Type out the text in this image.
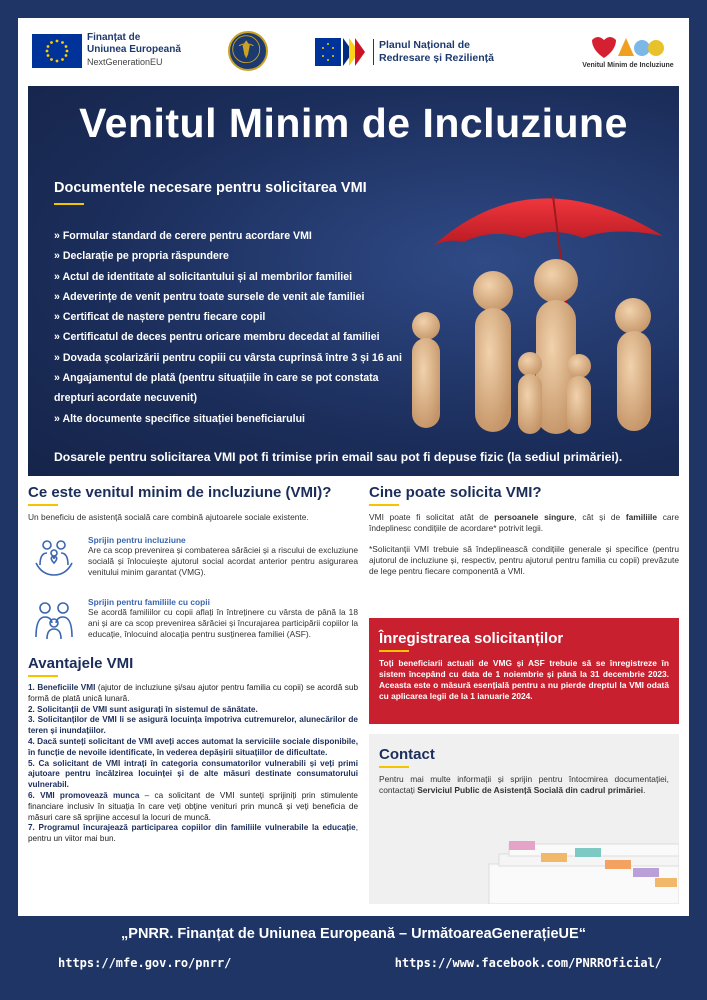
Finanțat de
Uniunea Europeană
NextGenerationEU
Planul Național de
Redresare și Reziliență
Venitul Minim de Incluziune
Venitul Minim de Incluziune
Documentele necesare pentru solicitarea VMI
» Formular standard de cerere pentru acordare VMI
» Declarație pe propria răspundere
» Actul de identitate al solicitantului și al membrilor familiei
» Adeverințe de venit pentru toate sursele de venit ale familiei
» Certificat de naștere pentru fiecare copil
» Certificatul de deces pentru oricare membru decedat al familiei
» Dovada școlarizării pentru copiii cu vârsta cuprinsă între 3 și 16 ani
» Angajamentul de plată (pentru situațiile în care se pot constata
drepturi acordate necuvenit)
» Alte documente specifice situației beneficiarului
Dosarele pentru solicitarea VMI pot fi trimise prin email sau pot fi depuse fizic (la sediul primăriei).
Ce este venitul minim de incluziune (VMI)?
Un beneficiu de asistență socială care combină ajutoarele sociale existente.
Sprijin pentru incluziune
Are ca scop prevenirea și combaterea sărăciei și a riscului de excluziune socială și înlocuiește ajutorul social acordat anterior pentru asigurarea venitului minim garantat (VMG).
Sprijin pentru familiile cu copii
Se acordă familiilor cu copii aflați în întreținere cu vârsta de până la 18 ani și are ca scop prevenirea sărăciei și încurajarea participării copiilor la educație, înlocuind alocația pentru susținerea familiei (ASF).
Avantajele VMI
1. Beneficiile VMI (ajutor de incluziune și/sau ajutor pentru familia cu copii) se acordă sub formă de plată unică lunară.
2. Solicitanții de VMI sunt asigurați în sistemul de sănătate.
3. Solicitanților de VMI li se asigură locuința împotriva cutremurelor, alunecărilor de teren și inundațiilor.
4. Dacă sunteți solicitant de VMI aveți acces automat la serviciile sociale disponibile, în funcție de nevoile identificate, în vederea depășirii situațiilor de dificultate.
5. Ca solicitant de VMI intrați în categoria consumatorilor vulnerabili și veți primi ajutoare pentru încălzirea locuinței și de alte măsuri destinate consumatorului vulnerabil.
6. VMI promovează munca – ca solicitant de VMI sunteți sprijiniți prin stimulente financiare inclusiv în situația în care veți obține venituri prin muncă și veți beneficia de măsuri care să sprijine accesul la locuri de muncă.
7. Programul încurajează participarea copiilor din familiile vulnerabile la educație, pentru un viitor mai bun.
Cine poate solicita VMI?
VMI poate fi solicitat atât de persoanele singure, cât și de familiile care îndeplinesc condițiile de acordare* potrivit legii.
*Solicitanții VMI trebuie să îndeplinească condițiile generale și specifice (pentru ajutorul de incluziune și, respectiv, pentru ajutorul pentru familia cu copii) prevăzute de lege pentru fiecare componentă a VMI.
Înregistrarea solicitanților
Toți beneficiarii actuali de VMG și ASF trebuie să se înregistreze în sistem începând cu data de 1 noiembrie și până la 31 decembrie 2023. Aceasta este o măsură esențială pentru a nu pierde dreptul la VMI odată cu aplicarea legii de la 1 ianuarie 2024.
Contact
Pentru mai multe informații și sprijin pentru întocmirea documentației, contactați Serviciul Public de Asistență Socială din cadrul primăriei.
„PNRR. Finanțat de Uniunea Europeană – UrmătoareaGenerațieUE“
https://mfe.gov.ro/pnrr/	https://www.facebook.com/PNRROficial/
